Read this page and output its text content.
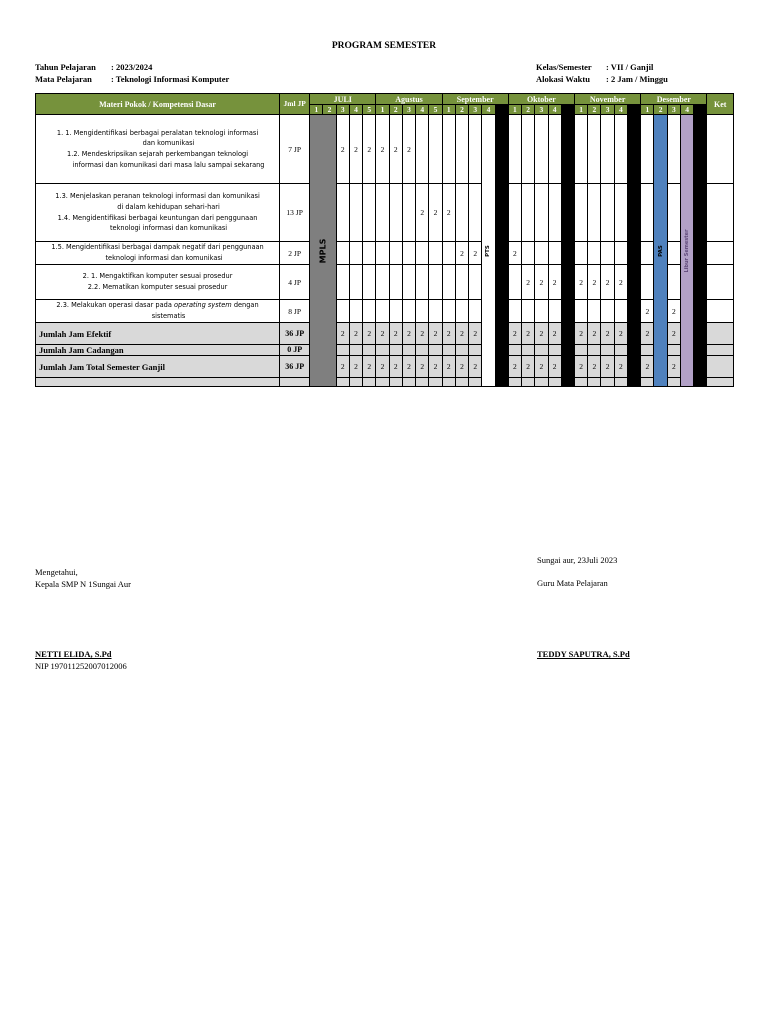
PROGRAM SEMESTER
Tahun Pelajaran : 2023/2024
Mata Pelajaran : Teknologi Informasi Komputer
Kelas/Semester : VII / Ganjil
Alokasi Waktu : 2 Jam / Minggu
Materi Pokok / Kompetensi Dasar	Jml JP	JULI					Agustus					September					Oktober					November					Desember					Ket
		1	2	3	4	5	1	2	3	4	5	1	2	3	4		1	2	3	4		1	2	3	4		1	2	3	4		

1. 1. Mengidentifikasi berbagai peralatan teknologi informasi
dan komunikasi
1.2. Mendeskripsikan sejarah perkembangan teknologi
informasi dan komunikasi dari masa lalu sampai sekarang	7 JP	MPLS		2	2	2	2	2	2						PTS													PAS		Libur Semester		

1.3. Menjelaskan peranan teknologi informasi dan komunikasi
di dalam kehidupan sehari-hari
1.4. Mengidentifikasi berbagai keuntungan dari penggunaan
teknologi informasi dan komunikasi	13 JP									2	2	2																				

1.5. Mengidentifikasi berbagai dampak negatif dari penggunaan
teknologi informasi dan komunikasi	2 JP												2	2			2															

2. 1. Mengaktifkan komputer sesuai prosedur
2.2. Mematikan komputer sesuai prosedur	4 JP																	2	2	2		2	2	2	2							

2.3. Melakukan operasi dasar pada operating system dengan
sistematis	8 JP																										2		2			
Jumlah Jam Efektif	36 JP			2	2	2	2	2	2	2	2	2	2	2			2	2	2	2		2	2	2	2		2		2			
Jumlah Jam Cadangan	0 JP																															
Jumlah Jam Total Semester Ganjil	36 JP			2	2	2	2	2	2	2	2	2	2	2			2	2	2	2		2	2	2	2		2		2			

Sungai aur, 23Juli 2023
Mengetahui,
Kepala SMP N 1Sungai Aur	Guru Mata Pelajaran
NETTI ELIDA, S.Pd
NIP 197011252007012006
TEDDY SAPUTRA, S.Pd
